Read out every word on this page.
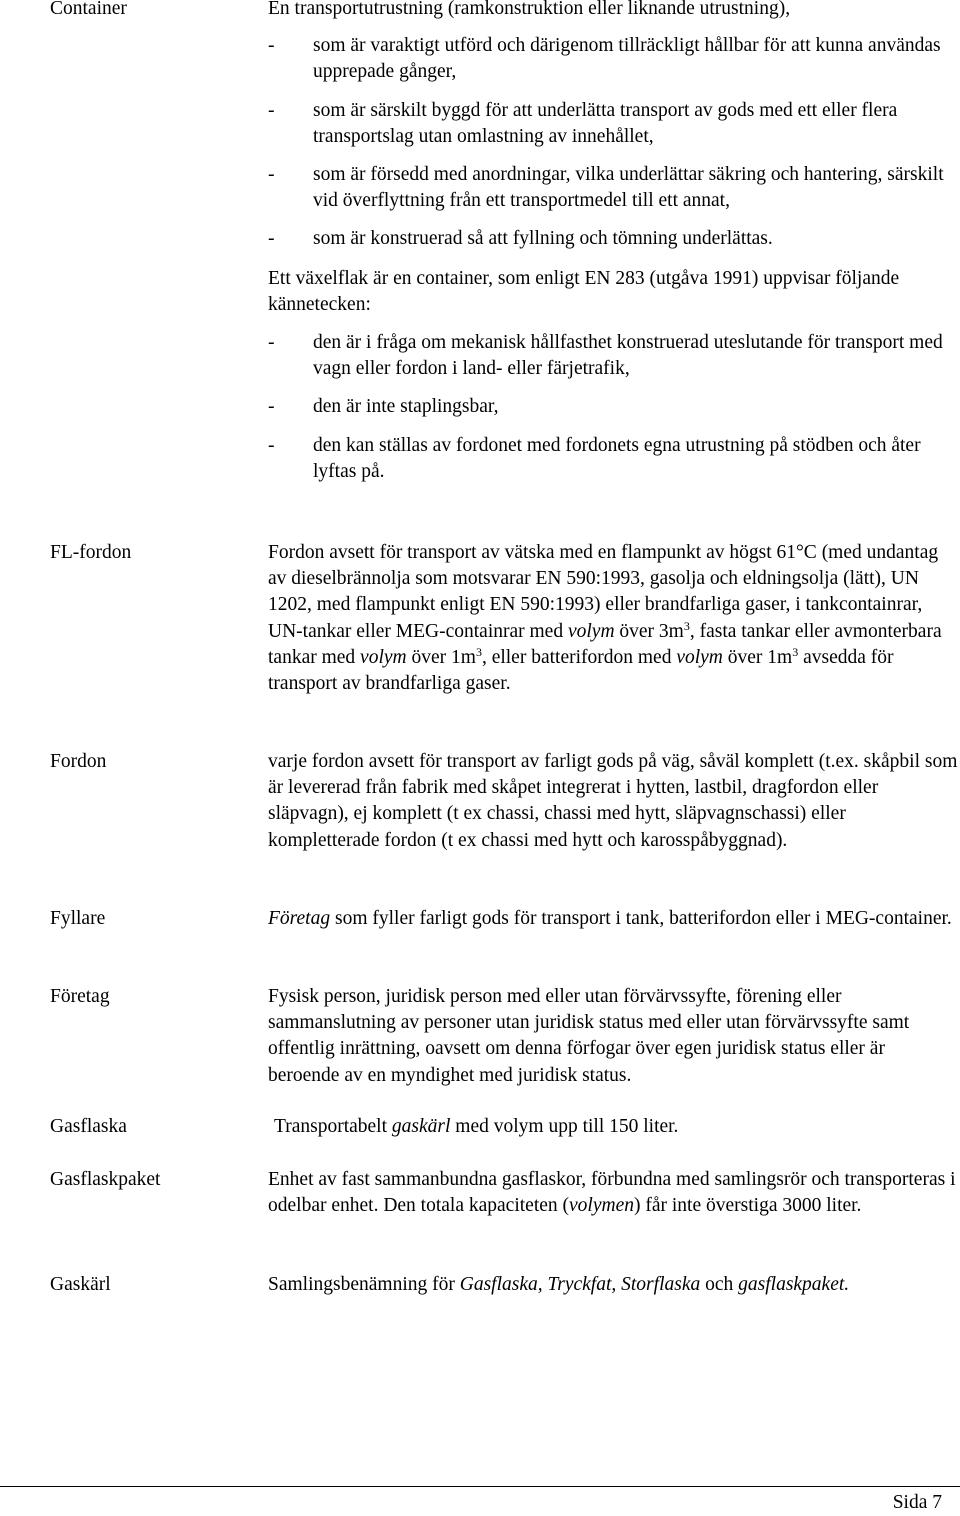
Container	En transportutrustning (ramkonstruktion eller liknande utrustning),

- som är varaktigt utförd och därigenom tillräckligt hållbar för att kunna användas upprepade gånger,
- som är särskilt byggd för att underlätta transport av gods med ett eller flera transportslag utan omlastning av innehållet,
- som är försedd med anordningar, vilka underlättar säkring och hantering, särskilt vid överflyttning från ett transportmedel till ett annat,
- som är konstruerad så att fyllning och tömning underlättas.

Ett växelflak är en container, som enligt EN 283 (utgåva 1991) uppvisar följande kännetecken:

- den är i fråga om mekanisk hållfasthet konstruerad uteslutande för transport med vagn eller fordon i land- eller färjetrafik,
- den är inte staplingsbar,
- den kan ställas av fordonet med fordonets egna utrustning på stödben och åter lyftas på.
FL-fordon	Fordon avsett för transport av vätska med en flampunkt av högst 61°C (med undantag av dieselbrännolja som motsvarar EN 590:1993, gasolja och eldningsolja (lätt), UN 1202, med flampunkt enligt EN 590:1993) eller brandfarliga gaser, i tankcontainrar, UN-tankar eller MEG-containrar med volym över $3m^3$, fasta tankar eller avmonterbara tankar med volym över $1m^3$, eller batterifordon med volym över $1m^3$ avsedda för transport av brandfarliga gaser.

Fordon	varje fordon avsett för transport av farligt gods på väg, såväl komplett (t.ex. skåpbil som är levererad från fabrik med skåpet integrerat i hytten, lastbil, dragfordon eller släpvagn), ej komplett (t ex chassi, chassi med hytt, släpvagnschassi) eller kompletterade fordon (t ex chassi med hytt och karosspåbyggnad).

Fyllare	Företag som fyller farligt gods för transport i tank, batterifordon eller i MEG-container.

Företag	Fysisk person, juridisk person med eller utan förvärvssyfte, förening eller sammanslutning av personer utan juridisk status med eller utan förvärvssyfte samt offentlig inrättning, oavsett om denna förfogar över egen juridisk status eller är beroende av en myndighet med juridisk status.

Gasflaska	Transportabelt gaskärl med volym upp till 150 liter.

Gasflaskpaket	Enhet av fast sammanbundna gasflaskor, förbundna med samlingsrör och transporteras i odelbar enhet. Den totala kapaciteten (volymen) får inte överstiga 3000 liter.

Gaskärl	Samlingsbenämning för Gasflaska, Tryckfat, Storflaska och gasflaskpaket.

Sida 7
